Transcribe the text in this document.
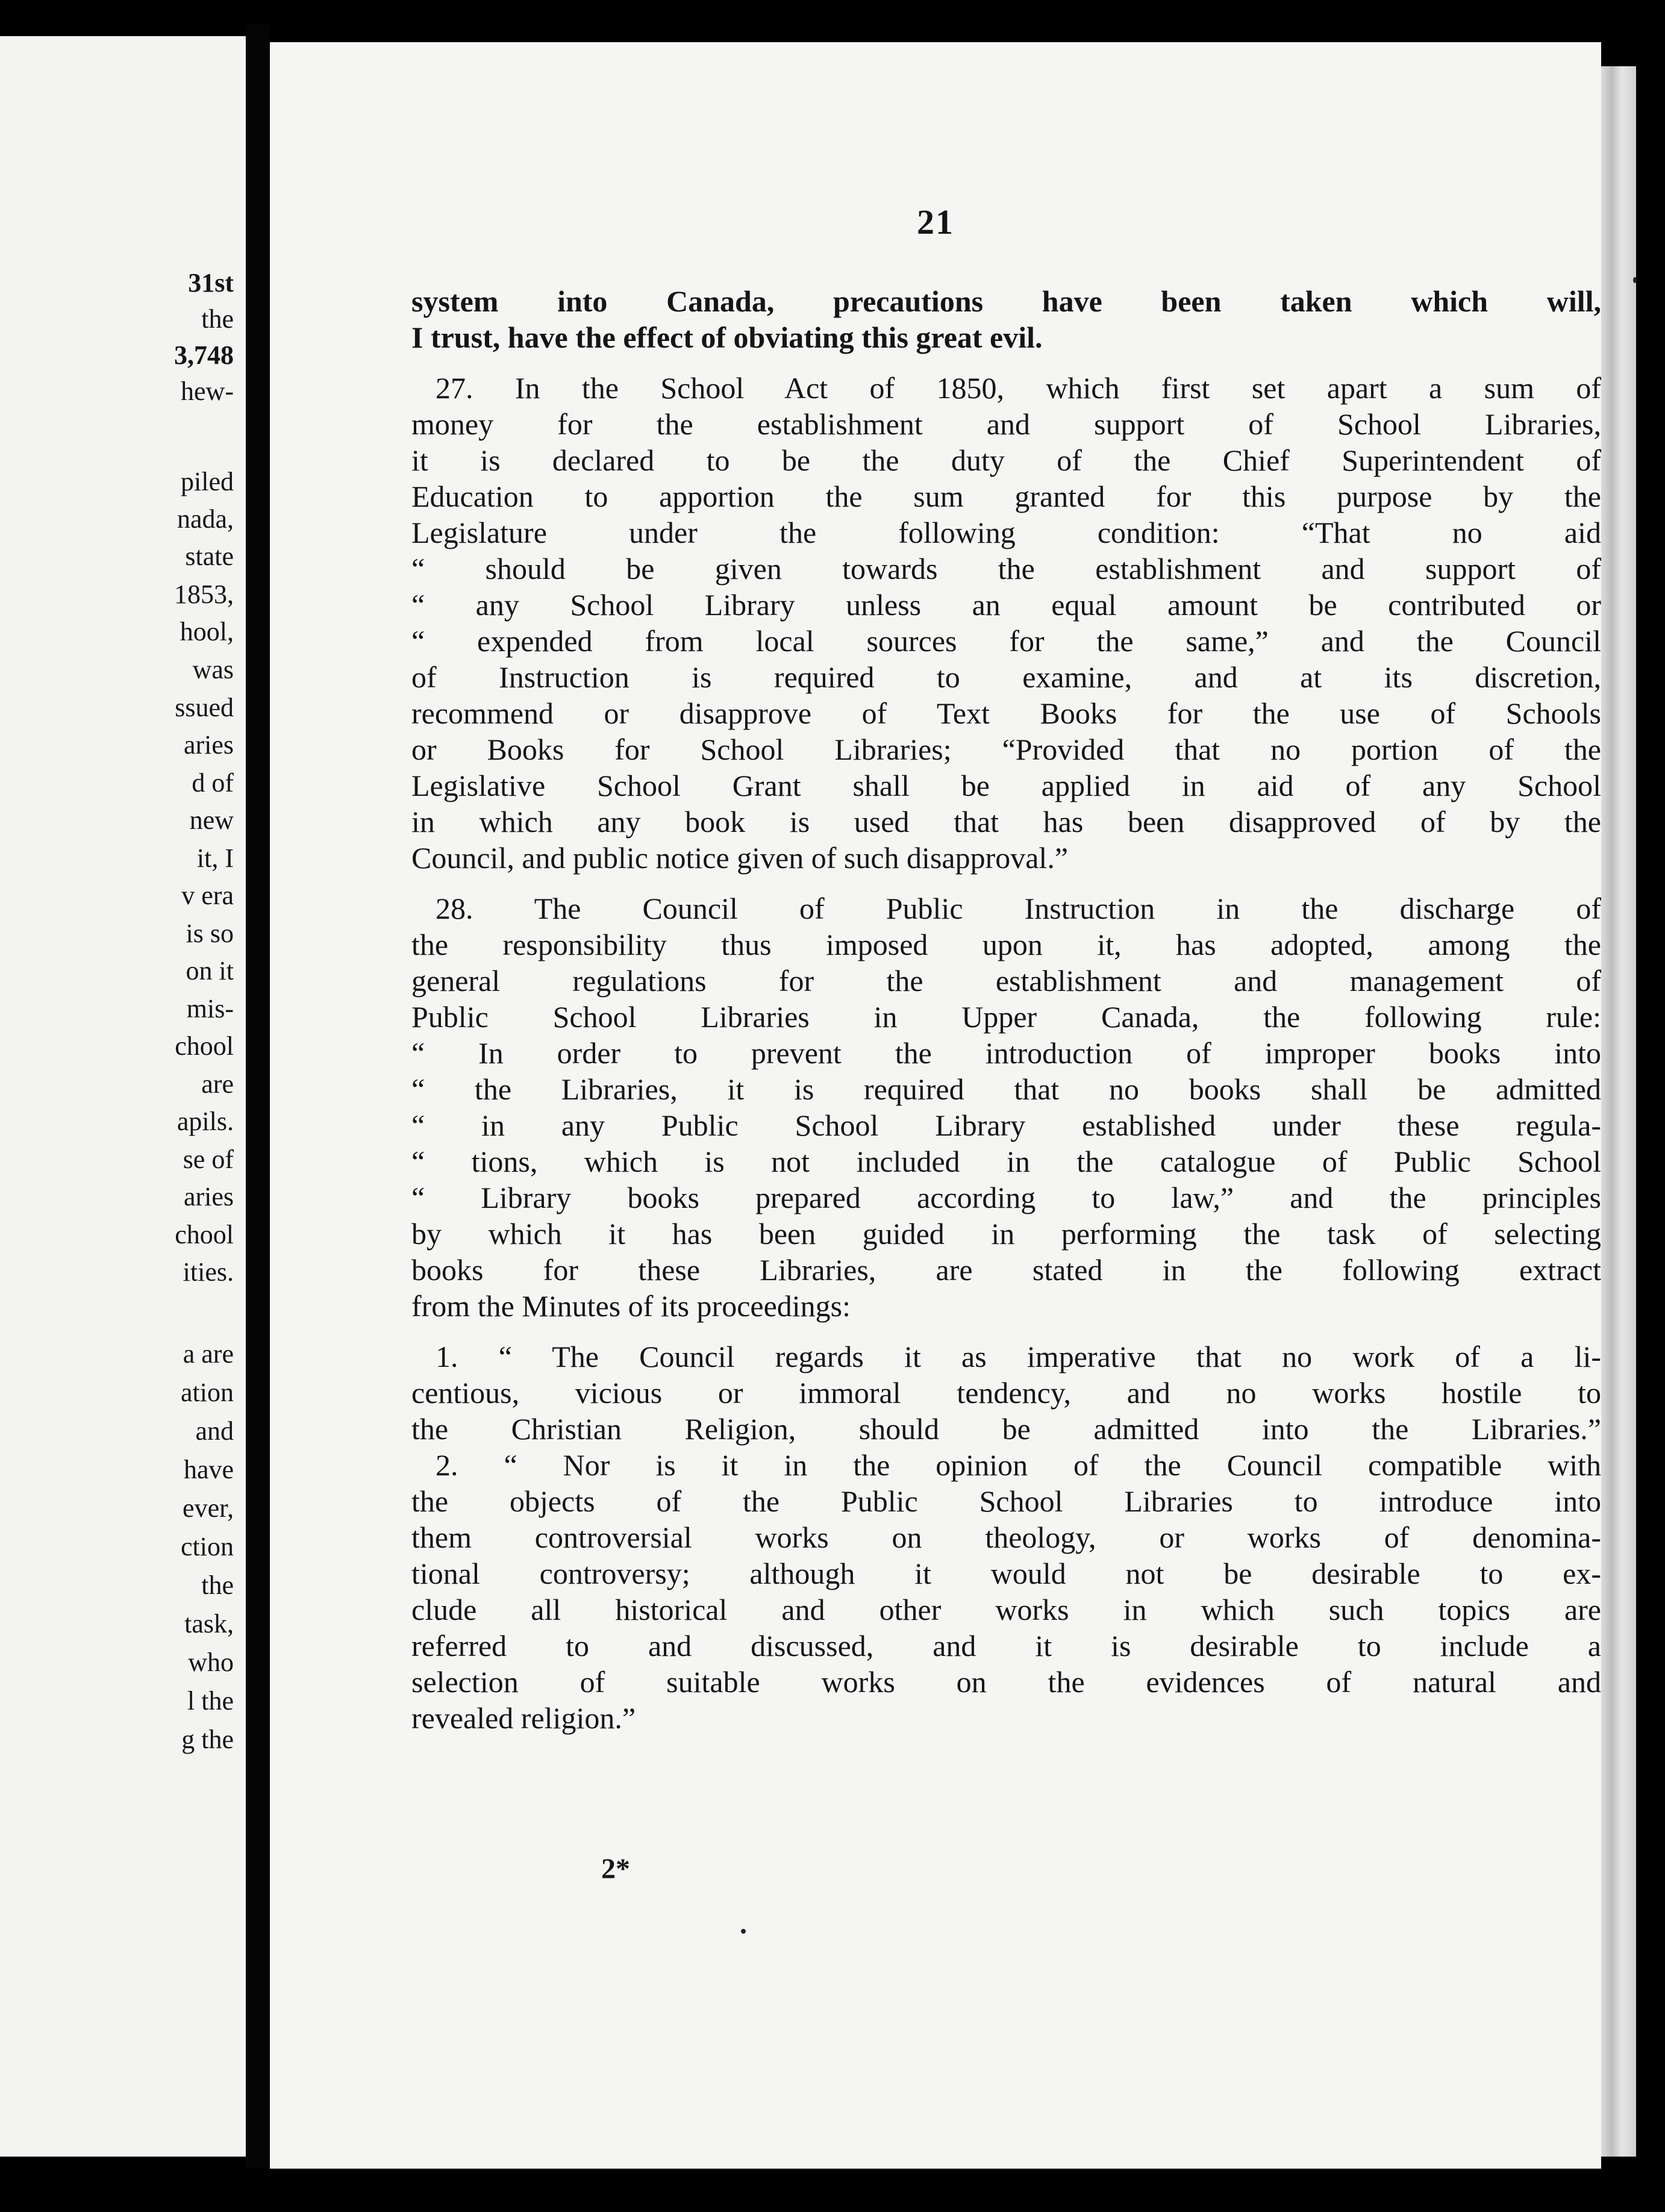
31st
the
3,748
hew-
piled
nada,
state
1853,
hool,
was
ssued
aries
d of
new
it, I
v era
is so
on it
mis-
chool
are
apils.
se of
aries
chool
ities.
a are
ation
and
have
ever,
ction
the
task,
who
l the
g the
21
system into Canada, precautions have been taken which will,
I trust, have the effect of obviating this great evil.
27. In the School Act of 1850, which first set apart a sum of
money for the establishment and support of School Libraries,
it is declared to be the duty of the Chief Superintendent of
Education to apportion the sum granted for this purpose by the
Legislature under the following condition: “That no aid
“ should be given towards the establishment and support of
“ any School Library unless an equal amount be contributed or
“ expended from local sources for the same,” and the Council
of Instruction is required to examine, and at its discretion,
recommend or disapprove of Text Books for the use of Schools
or Books for School Libraries; “Provided that no portion of the
Legislative School Grant shall be applied in aid of any School
in which any book is used that has been disapproved of by the
Council, and public notice given of such disapproval.”
28. The Council of Public Instruction in the discharge of
the responsibility thus imposed upon it, has adopted, among the
general regulations for the establishment and management of
Public School Libraries in Upper Canada, the following rule:
“ In order to prevent the introduction of improper books into
“ the Libraries, it is required that no books shall be admitted
“ in any Public School Library established under these regula-
“ tions, which is not included in the catalogue of Public School
“ Library books prepared according to law,” and the principles
by which it has been guided in performing the task of selecting
books for these Libraries, are stated in the following extract
from the Minutes of its proceedings:
1. “ The Council regards it as imperative that no work of a li-
centious, vicious or immoral tendency, and no works hostile to
the Christian Religion, should be admitted into the Libraries.”
2. “ Nor is it in the opinion of the Council compatible with
the objects of the Public School Libraries to introduce into
them controversial works on theology, or works of denomina-
tional controversy; although it would not be desirable to ex-
clude all historical and other works in which such topics are
referred to and discussed, and it is desirable to include a
selection of suitable works on the evidences of natural and
revealed religion.”
2*
